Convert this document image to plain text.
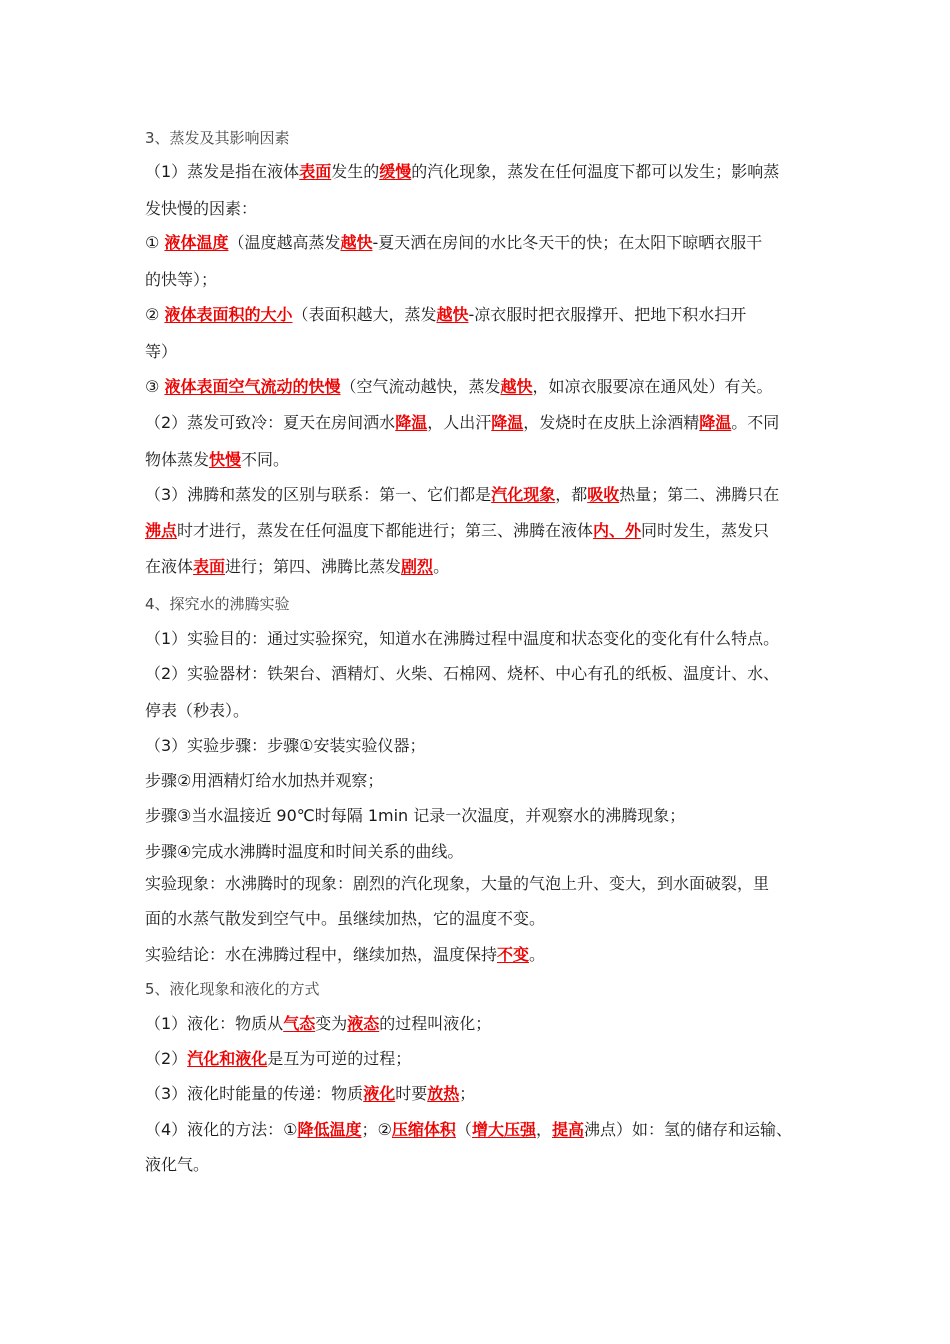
3、蒸发及其影响因素
（1）蒸发是指在液体表面发生的缓慢的汽化现象，蒸发在任何温度下都可以发生；影响蒸
发快慢的因素：
① 液体温度（温度越高蒸发越快-夏天洒在房间的水比冬天干的快；在太阳下晾晒衣服干
的快等）；
② 液体表面积的大小（表面积越大，蒸发越快-凉衣服时把衣服撑开、把地下积水扫开
等）
③ 液体表面空气流动的快慢（空气流动越快，蒸发越快，如凉衣服要凉在通风处）有关。
（2）蒸发可致冷：夏天在房间洒水降温，人出汗降温，发烧时在皮肤上涂酒精降温。不同
物体蒸发快慢不同。
（3）沸腾和蒸发的区别与联系：第一、它们都是汽化现象，都吸收热量；第二、沸腾只在
沸点时才进行，蒸发在任何温度下都能进行；第三、沸腾在液体内、外同时发生，蒸发只
在液体表面进行；第四、沸腾比蒸发剧烈。
4、探究水的沸腾实验
（1）实验目的：通过实验探究，知道水在沸腾过程中温度和状态变化的变化有什么特点。
（2）实验器材：铁架台、酒精灯、火柴、石棉网、烧杯、中心有孔的纸板、温度计、水、
停表（秒表）。
（3）实验步骤：步骤①安装实验仪器；
步骤②用酒精灯给水加热并观察；
步骤③当水温接近 90℃时每隔 1min 记录一次温度，并观察水的沸腾现象；
步骤④完成水沸腾时温度和时间关系的曲线。
实验现象：水沸腾时的现象：剧烈的汽化现象，大量的气泡上升、变大，到水面破裂，里
面的水蒸气散发到空气中。虽继续加热，它的温度不变。
实验结论：水在沸腾过程中，继续加热，温度保持不变。
5、液化现象和液化的方式
（1）液化：物质从气态变为液态的过程叫液化；
（2）汽化和液化是互为可逆的过程；
（3）液化时能量的传递：物质液化时要放热；
（4）液化的方法：①降低温度；②压缩体积（增大压强，提高沸点）如：氢的储存和运输、
液化气。
